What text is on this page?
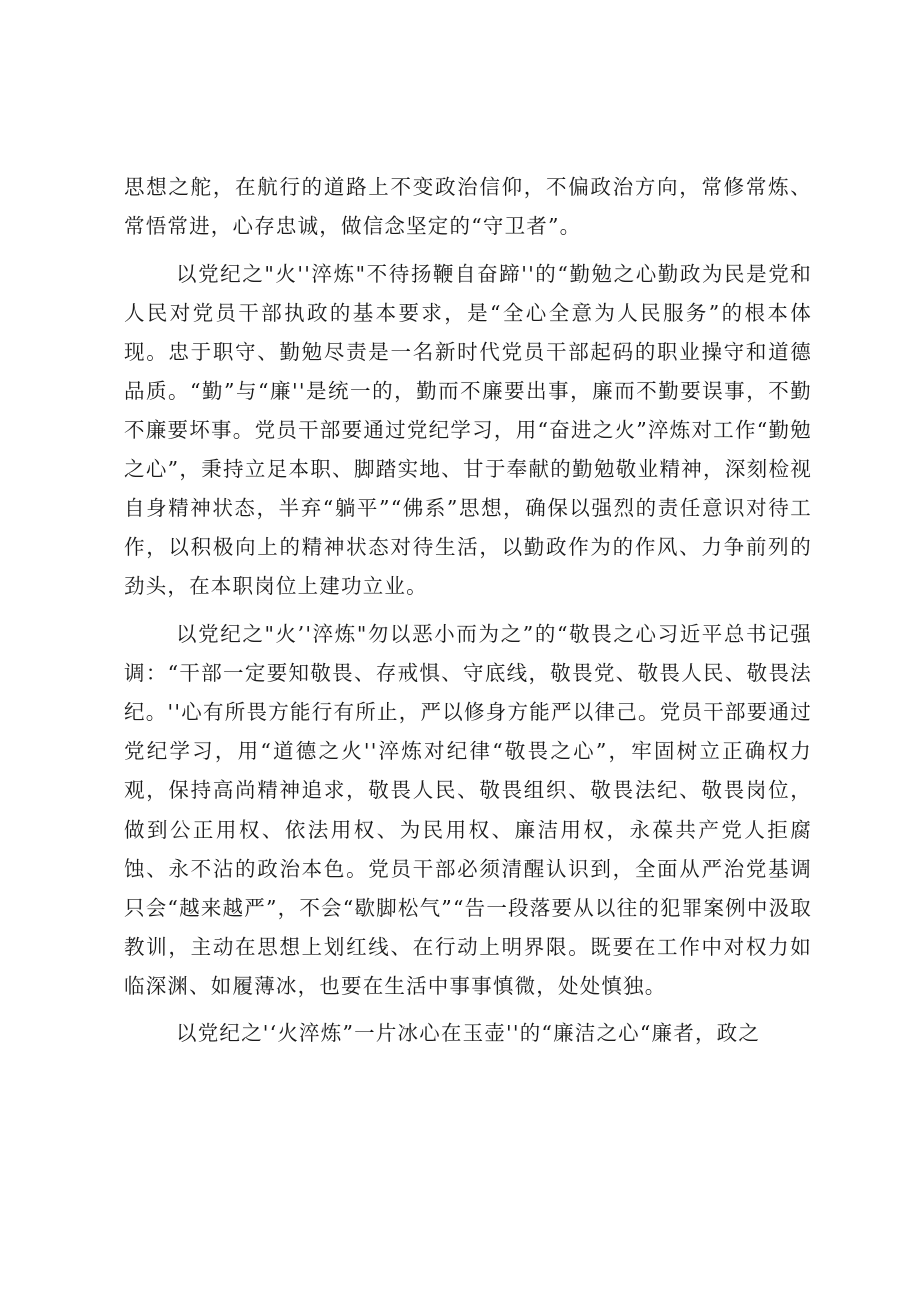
思想之舵，在航行的道路上不变政治信仰，不偏政治方向，常修常炼、常悟常进，心存忠诚，做信念坚定的“守卫者”。

以党纪之"火''淬炼"不待扬鞭自奋蹄''的“勤勉之心勤政为民是党和人民对党员干部执政的基本要求，是“全心全意为人民服务”的根本体现。忠于职守、勤勉尽责是一名新时代党员干部起码的职业操守和道德品质。“勤”与“廉''是统一的，勤而不廉要出事，廉而不勤要误事，不勤不廉要坏事。党员干部要通过党纪学习，用“奋进之火”淬炼对工作“勤勉之心”，秉持立足本职、脚踏实地、甘于奉献的勤勉敬业精神，深刻检视自身精神状态，半弃“躺平”“佛系”思想，确保以强烈的责任意识对待工作，以积极向上的精神状态对待生活，以勤政作为的作风、力争前列的劲头，在本职岗位上建功立业。

以党纪之"火’'淬炼"勿以恶小而为之”的“敬畏之心习近平总书记强调：“干部一定要知敬畏、存戒惧、守底线，敬畏党、敬畏人民、敬畏法纪。''心有所畏方能行有所止，严以修身方能严以律己。党员干部要通过党纪学习，用“道德之火''淬炼对纪律“敬畏之心”，牢固树立正确权力观，保持高尚精神追求，敬畏人民、敬畏组织、敬畏法纪、敬畏岗位，做到公正用权、依法用权、为民用权、廉洁用权，永葆共产党人拒腐蚀、永不沾的政治本色。党员干部必须清醒认识到，全面从严治党基调只会“越来越严”，不会“歇脚松气”“告一段落要从以往的犯罪案例中汲取教训，主动在思想上划红线、在行动上明界限。既要在工作中对权力如临深渊、如履薄冰，也要在生活中事事慎微，处处慎独。

以党纪之'‘火淬炼”一片冰心在玉壶''的“廉洁之心“廉者，政之
